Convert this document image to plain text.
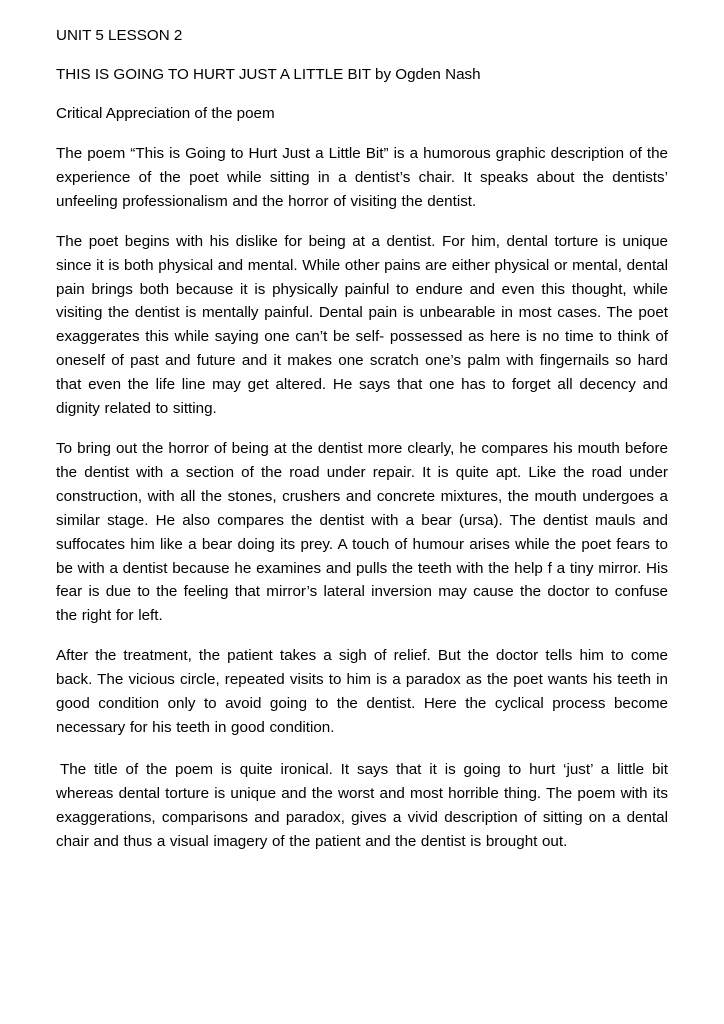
UNIT 5 LESSON 2

THIS IS GOING TO HURT JUST A LITTLE BIT by Ogden Nash

Critical Appreciation of the poem

The poem “This is Going to Hurt Just a Little Bit” is a humorous graphic description of the experience of the poet while sitting in a dentist’s chair. It speaks about the dentists’ unfeeling professionalism and the horror of visiting the dentist.

The poet begins with his dislike for being at a dentist. For him, dental torture is unique since it is both physical and mental. While other pains are either physical or mental, dental pain brings both because it is physically painful to endure and even this thought, while visiting the dentist is mentally painful. Dental pain is unbearable in most cases. The poet exaggerates this while saying one can’t be self- possessed as here is no time to think of oneself of past and future and it makes one scratch one’s palm with fingernails so hard that even the life line may get altered. He says that one has to forget all decency and dignity related to sitting.

To bring out the horror of being at the dentist more clearly, he compares his mouth before the dentist with a section of the road under repair. It is quite apt. Like the road under construction, with all the stones, crushers and concrete mixtures, the mouth undergoes a similar stage. He also compares the dentist with a bear (ursa). The dentist mauls and suffocates him like a bear doing its prey. A touch of humour arises while the poet fears to be with a dentist because he examines and pulls the teeth with the help f a tiny mirror. His fear is due to the feeling that mirror’s lateral inversion may cause the doctor to confuse the right for left.

After the treatment, the patient takes a sigh of relief. But the doctor tells him to come back. The vicious circle, repeated visits to him is a paradox as the poet wants his teeth in good condition only to avoid going to the dentist. Here the cyclical process become necessary for his teeth in good condition.

The title of the poem is quite ironical. It says that it is going to hurt ‘just’ a little bit whereas dental torture is unique and the worst and most horrible thing. The poem with its exaggerations, comparisons and paradox, gives a vivid description of sitting on a dental chair and thus a visual imagery of the patient and the dentist is brought out.
